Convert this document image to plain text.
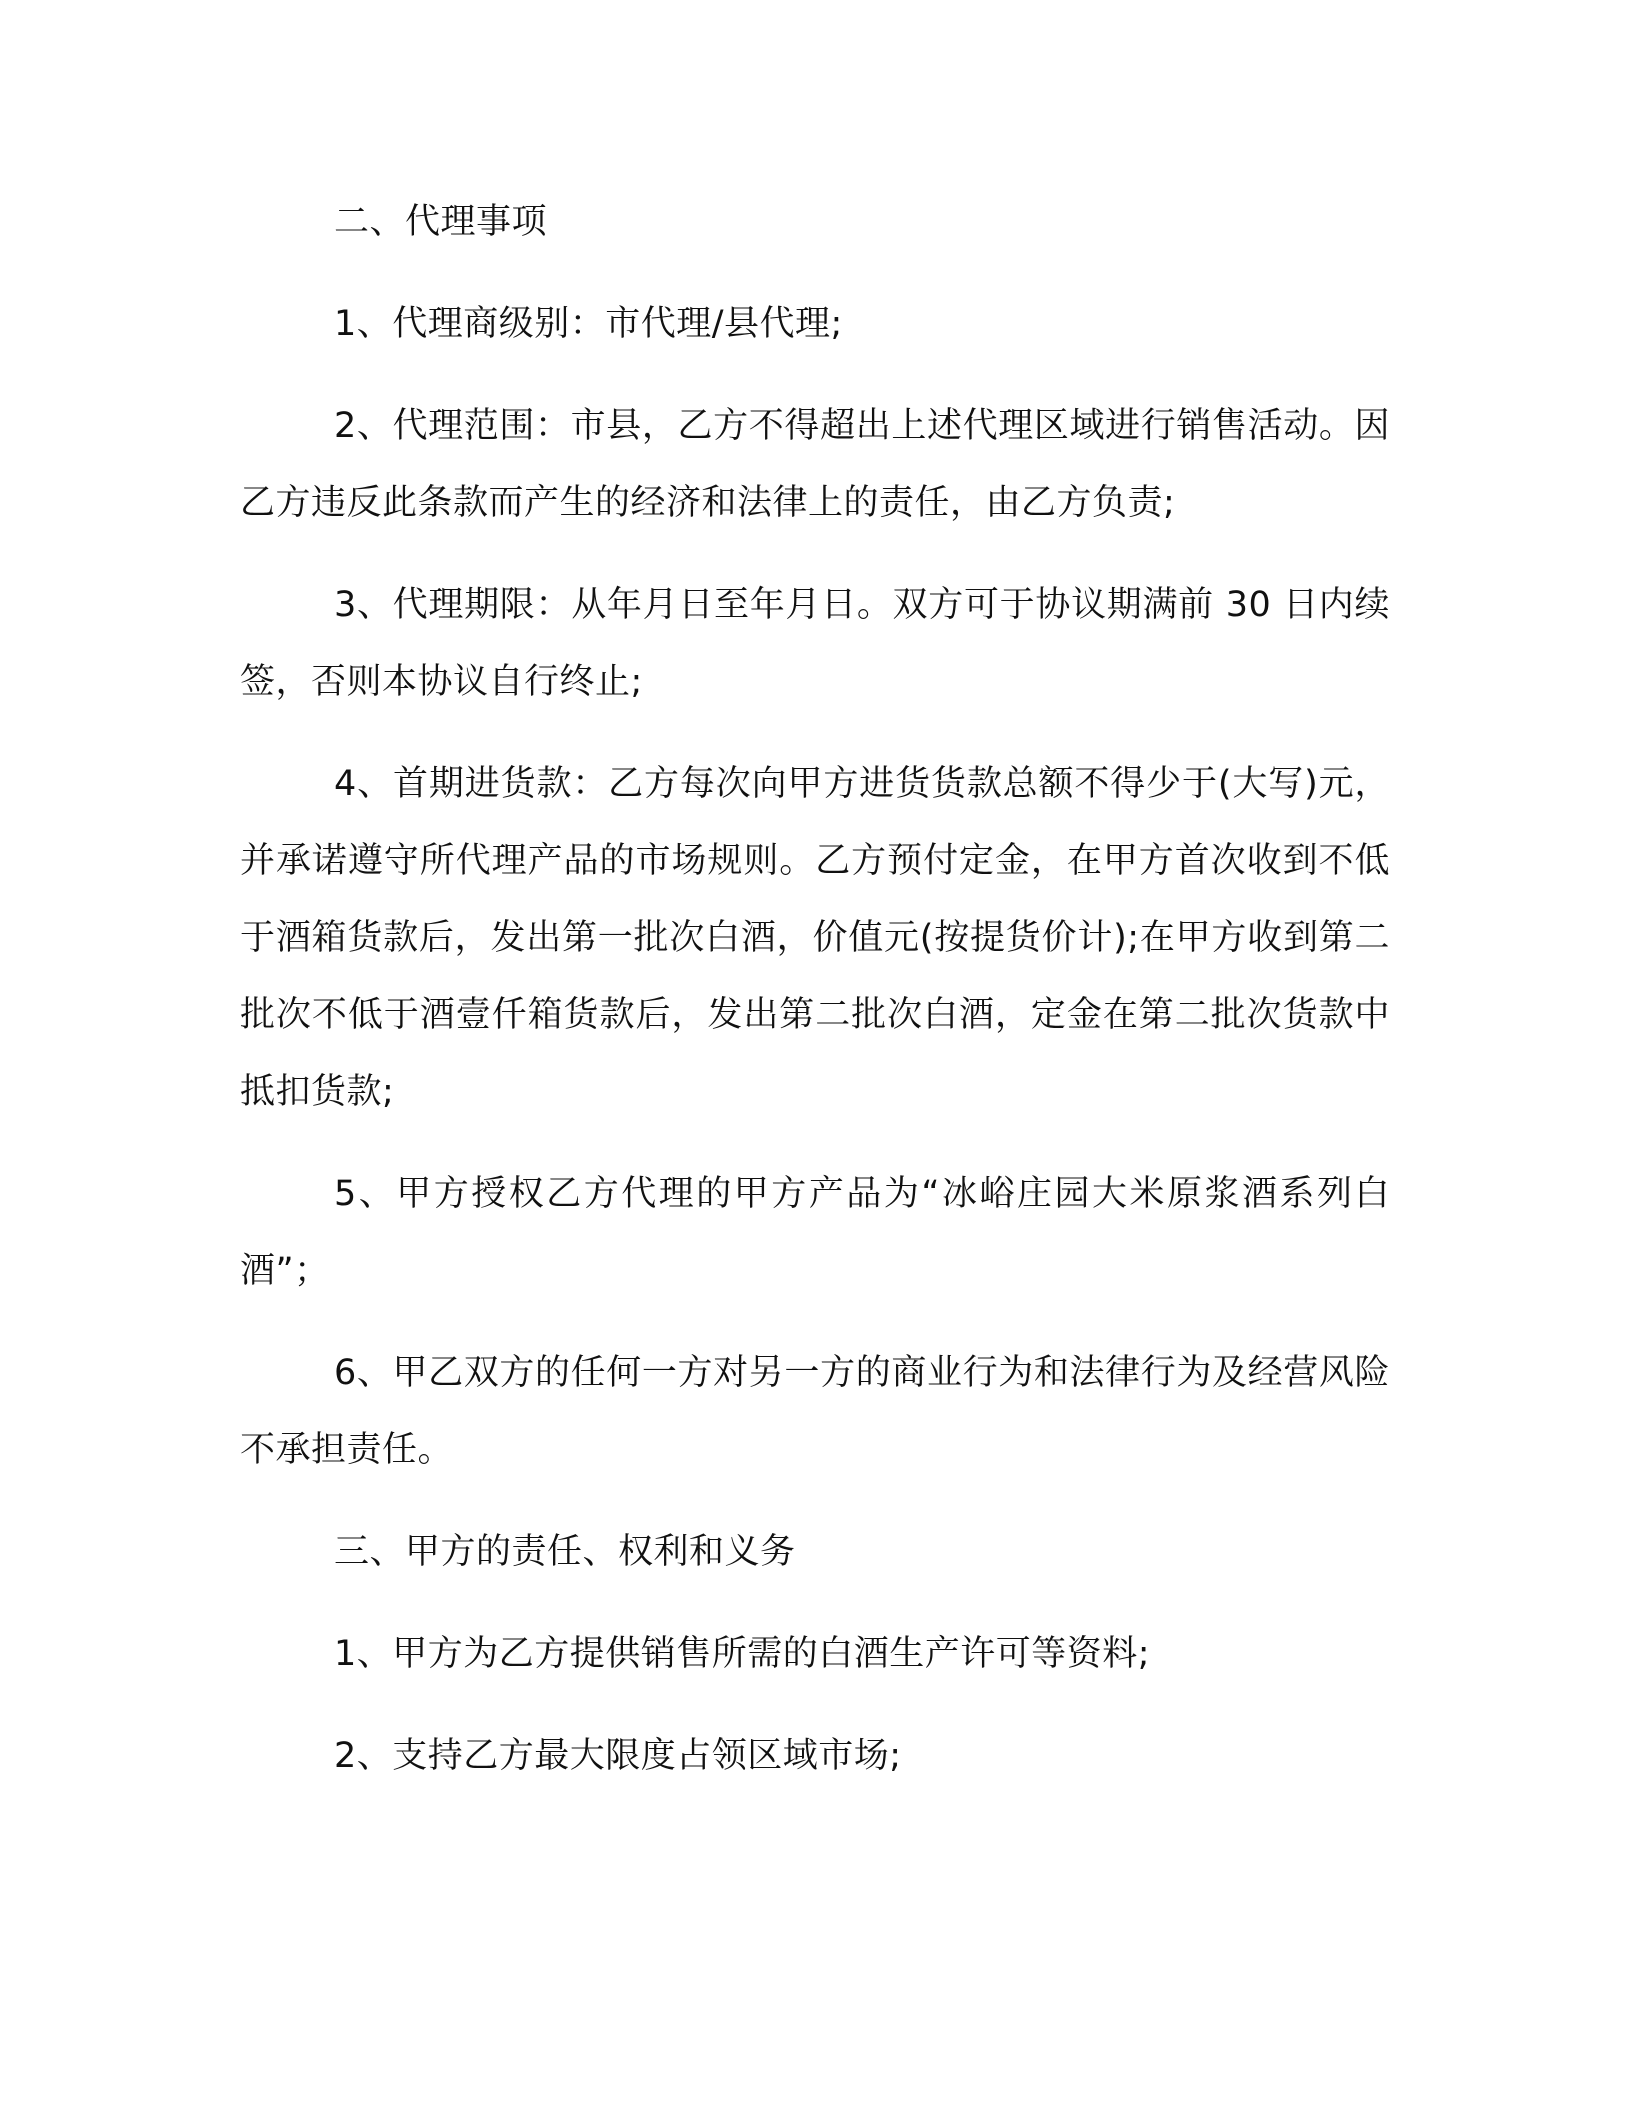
二、代理事项

1、代理商级别：市代理/县代理;

2、代理范围：市县，乙方不得超出上述代理区域进行销售活动。因乙方违反此条款而产生的经济和法律上的责任，由乙方负责;

3、代理期限：从年月日至年月日。双方可于协议期满前 30 日内续签，否则本协议自行终止;

4、首期进货款：乙方每次向甲方进货货款总额不得少于(大写)元，并承诺遵守所代理产品的市场规则。乙方预付定金，在甲方首次收到不低于酒箱货款后，发出第一批次白酒，价值元(按提货价计);在甲方收到第二批次不低于酒壹仟箱货款后，发出第二批次白酒，定金在第二批次货款中抵扣货款;

5、甲方授权乙方代理的甲方产品为“冰峪庄园大米原浆酒系列白酒”；

6、甲乙双方的任何一方对另一方的商业行为和法律行为及经营风险不承担责任。

三、甲方的责任、权利和义务

1、甲方为乙方提供销售所需的白酒生产许可等资料;

2、支持乙方最大限度占领区域市场;
